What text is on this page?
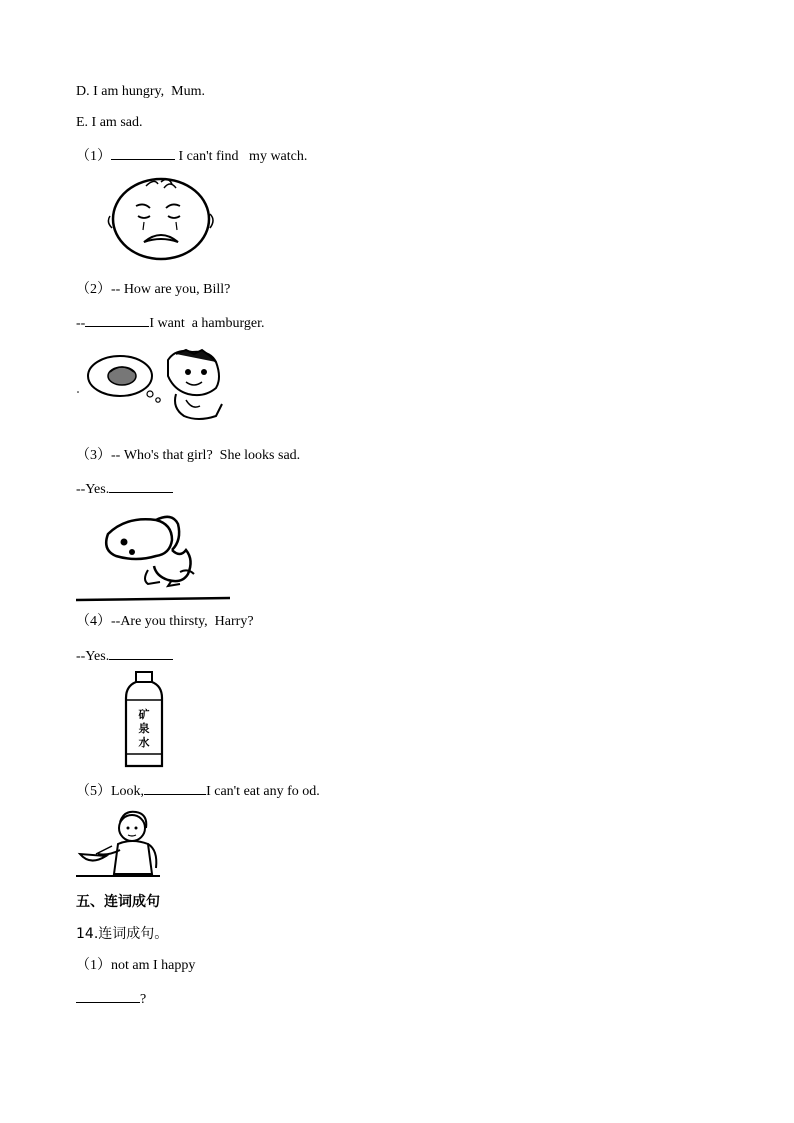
D. I am hungry,  Mum.
E. I am sad.
（1）	I can't find   my watch.
（2）-- How are you, Bill?
--	I want  a hamburger.
（3）-- Who's that girl?  She looks sad.
--Yes.
（4）--Are you thirsty,  Harry?
--Yes.
矿
泉
水
（5）Look,	I can't eat any fo od.
五、连词成句
14.连词成句。
（1）not am I happy
?
